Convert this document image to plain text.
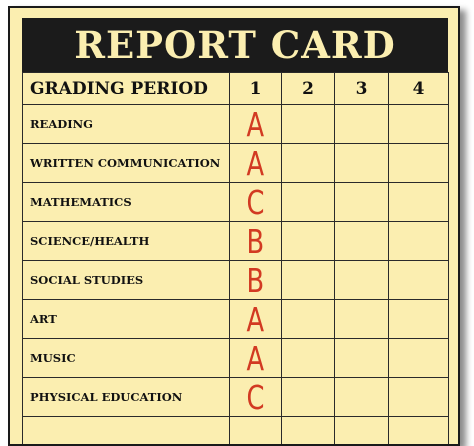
REPORT CARD
GRADING PERIOD	1	2	3	4
READING	A			
WRITTEN COMMUNICATION	A			
MATHEMATICS	C			
SCIENCE/HEALTH	B			
SOCIAL STUDIES	B			
ART	A			
MUSIC	A			
PHYSICAL EDUCATION	C			
